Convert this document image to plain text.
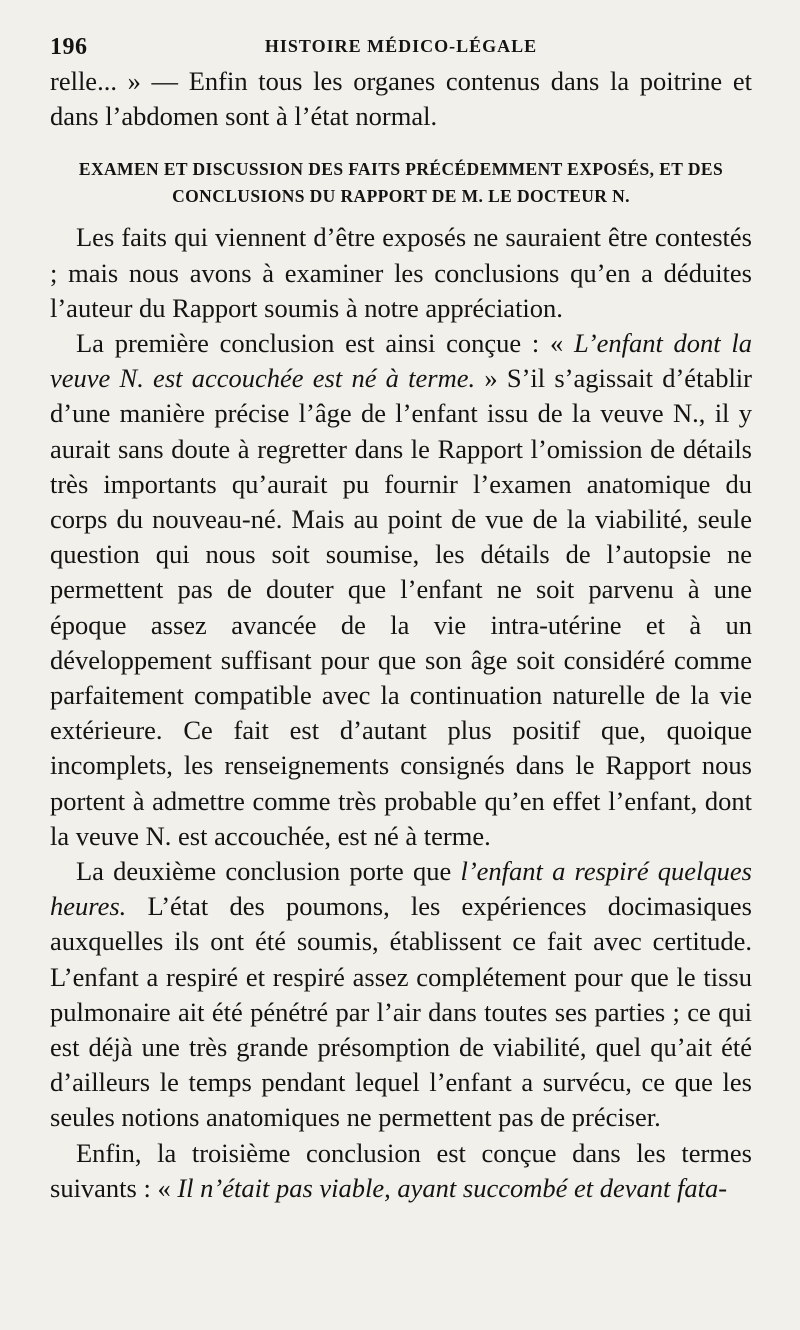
196	HISTOIRE MÉDICO-LÉGALE

relle... » — Enfin tous les organes contenus dans la poitrine et dans l’abdomen sont à l’état normal.

EXAMEN ET DISCUSSION DES FAITS PRÉCÉDEMMENT EXPOSÉS, ET DES
CONCLUSIONS DU RAPPORT DE M. LE DOCTEUR N.

Les faits qui viennent d’être exposés ne sauraient être contestés ; mais nous avons à examiner les conclusions qu’en a déduites l’auteur du Rapport soumis à notre appréciation.

La première conclusion est ainsi conçue : « L’enfant dont la veuve N. est accouchée est né à terme. » S’il s’agissait d’établir d’une manière précise l’âge de l’enfant issu de la veuve N., il y aurait sans doute à regretter dans le Rapport l’omission de détails très importants qu’aurait pu fournir l’examen anatomique du corps du nouveau-né. Mais au point de vue de la viabilité, seule question qui nous soit soumise, les détails de l’autopsie ne permettent pas de douter que l’enfant ne soit parvenu à une époque assez avancée de la vie intra-utérine et à un développement suffisant pour que son âge soit considéré comme parfaitement compatible avec la continuation naturelle de la vie extérieure. Ce fait est d’autant plus positif que, quoique incomplets, les renseignements consignés dans le Rapport nous portent à admettre comme très probable qu’en effet l’enfant, dont la veuve N. est accouchée, est né à terme.

La deuxième conclusion porte que l’enfant a respiré quelques heures. L’état des poumons, les expériences docimasiques auxquelles ils ont été soumis, établissent ce fait avec certitude. L’enfant a respiré et respiré assez complétement pour que le tissu pulmonaire ait été pénétré par l’air dans toutes ses parties ; ce qui est déjà une très grande présomption de viabilité, quel qu’ait été d’ailleurs le temps pendant lequel l’enfant a survécu, ce que les seules notions anatomiques ne permettent pas de préciser.

Enfin, la troisième conclusion est conçue dans les termes suivants : « Il n’était pas viable, ayant succombé et devant fata-
